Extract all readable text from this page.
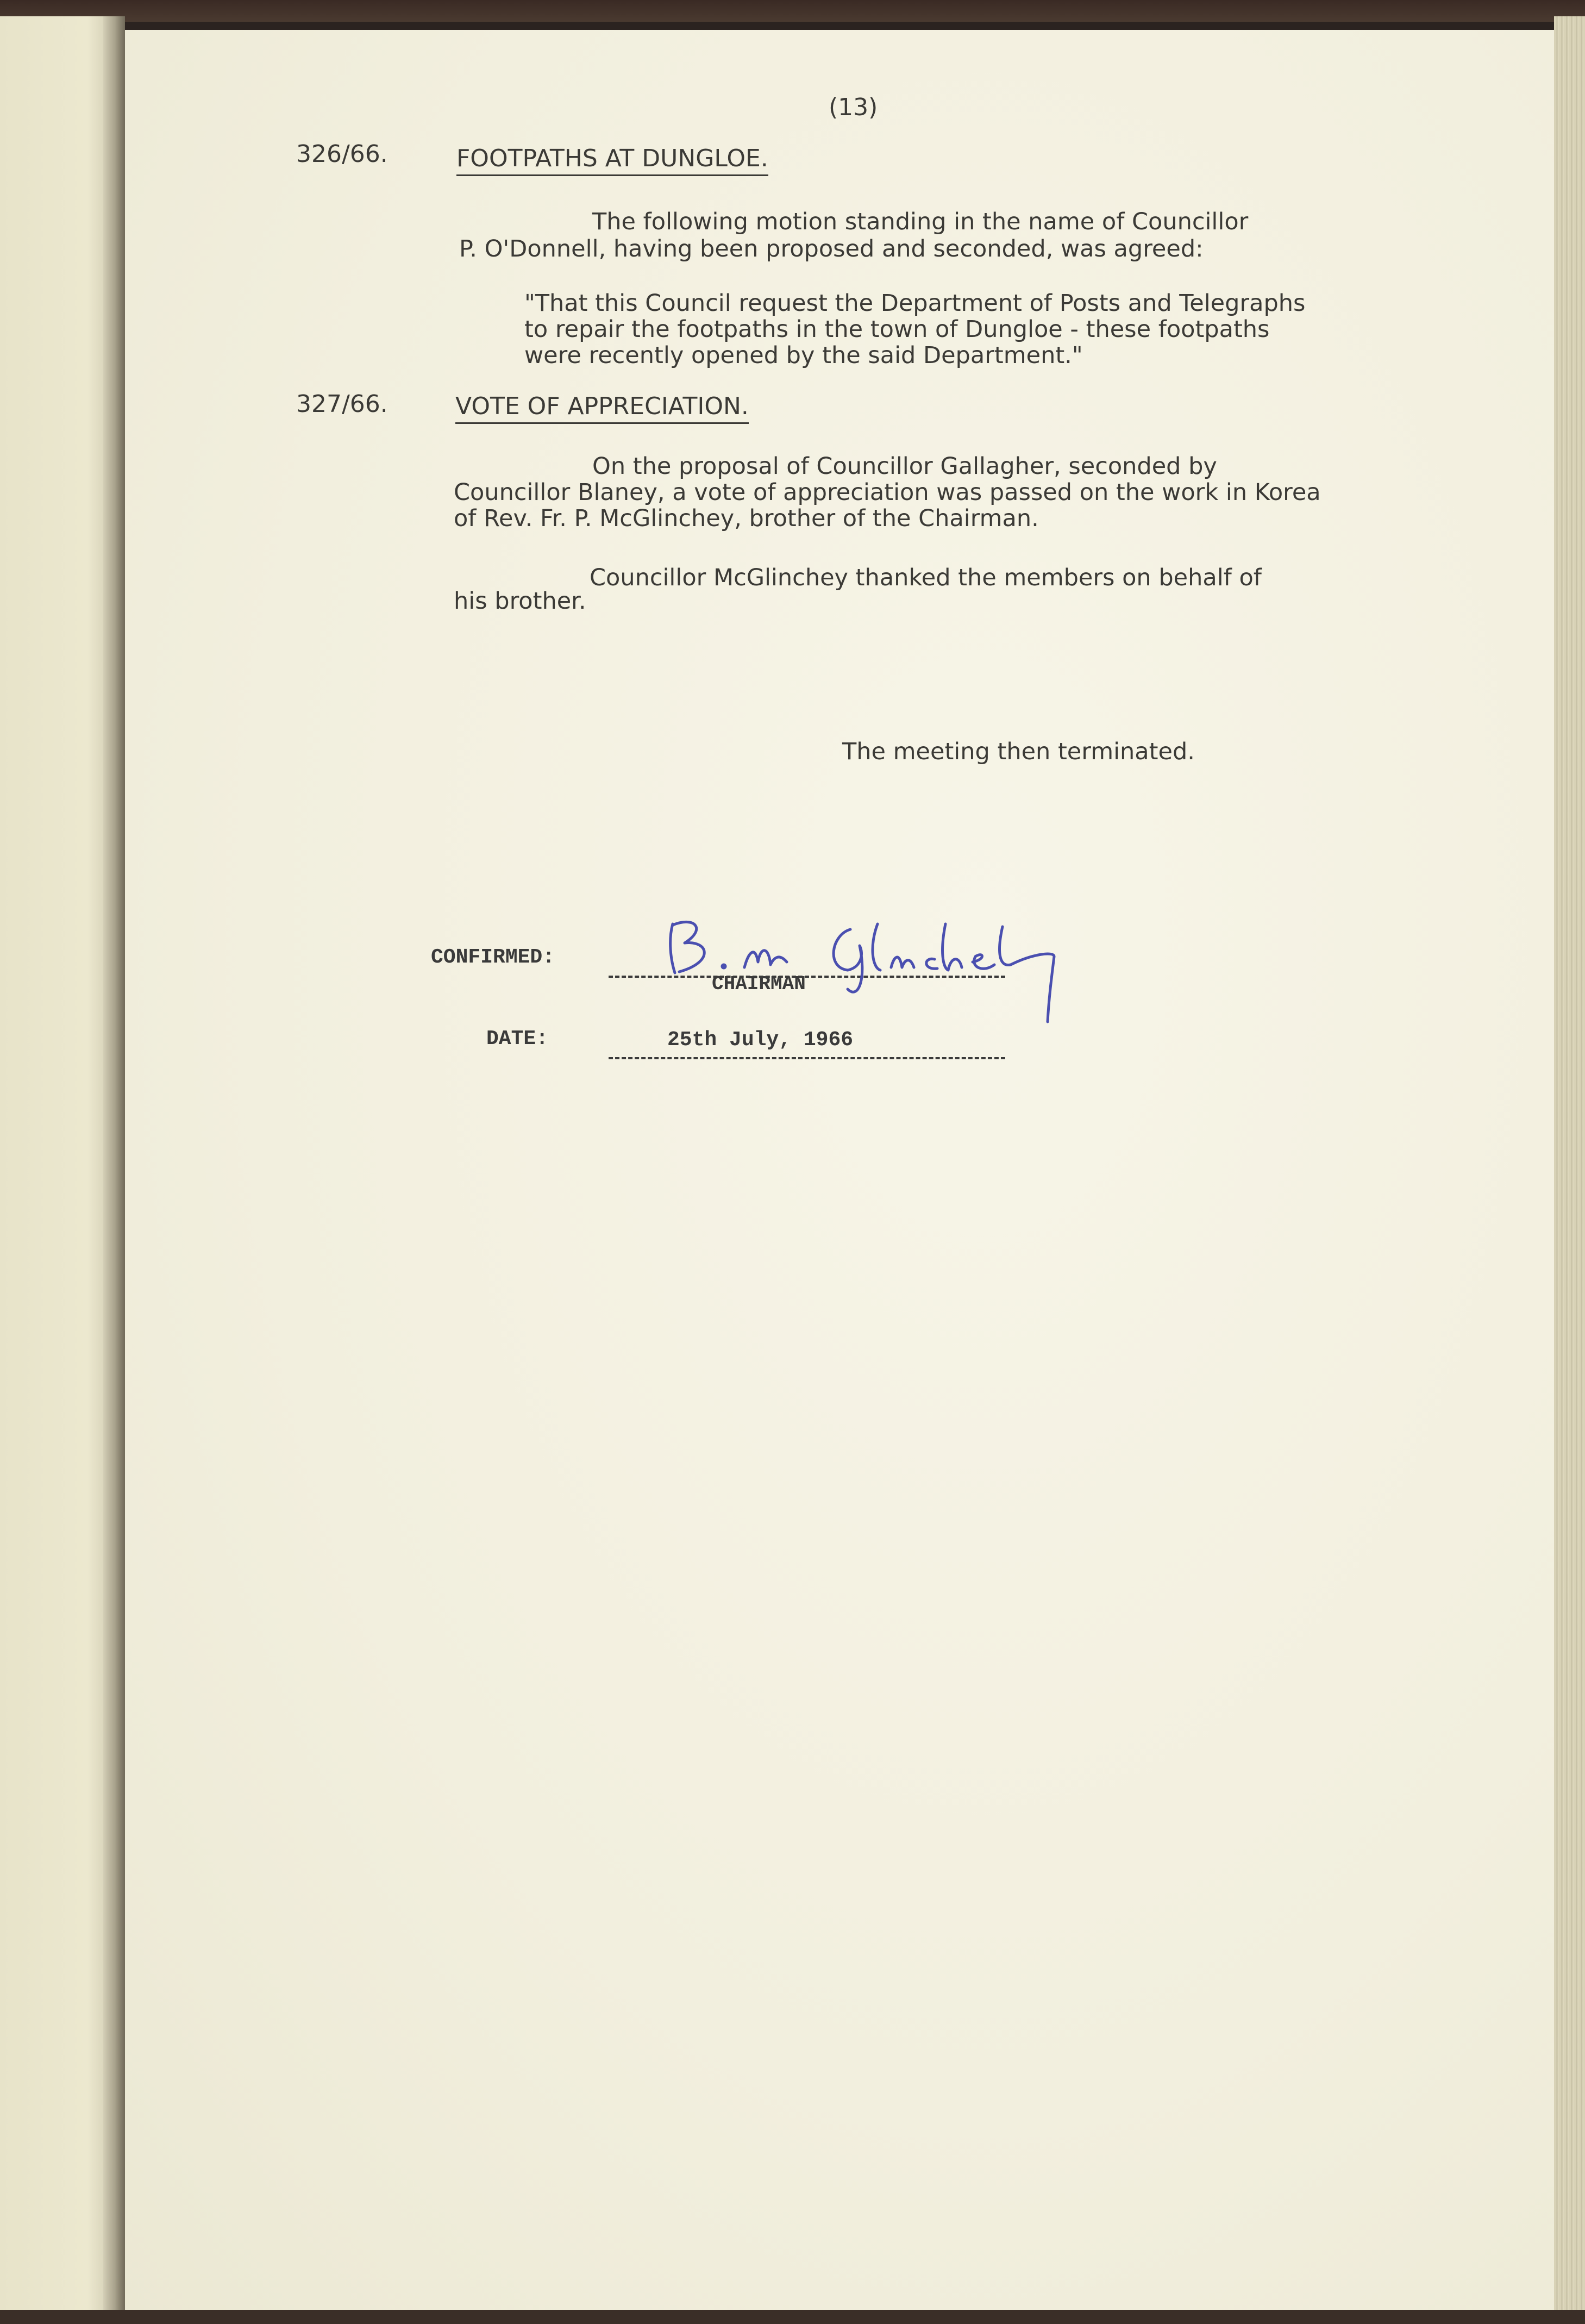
(13)
326/66.	FOOTPATHS AT DUNGLOE.
The following motion standing in the name of Councillor
P. O'Donnell, having been proposed and seconded, was agreed:
"That this Council request the Department of Posts and Telegraphs
to repair the footpaths in the town of Dungloe - these footpaths
were recently opened by the said Department."
327/66.	VOTE OF APPRECIATION.
On the proposal of Councillor Gallagher, seconded by
Councillor Blaney, a vote of appreciation was passed on the work in Korea
of Rev. Fr. P. McGlinchey, brother of the Chairman.
Councillor McGlinchey thanked the members on behalf of
his brother.
The meeting then terminated.
CONFIRMED:
CHAIRMAN
DATE:	25th July, 1966
